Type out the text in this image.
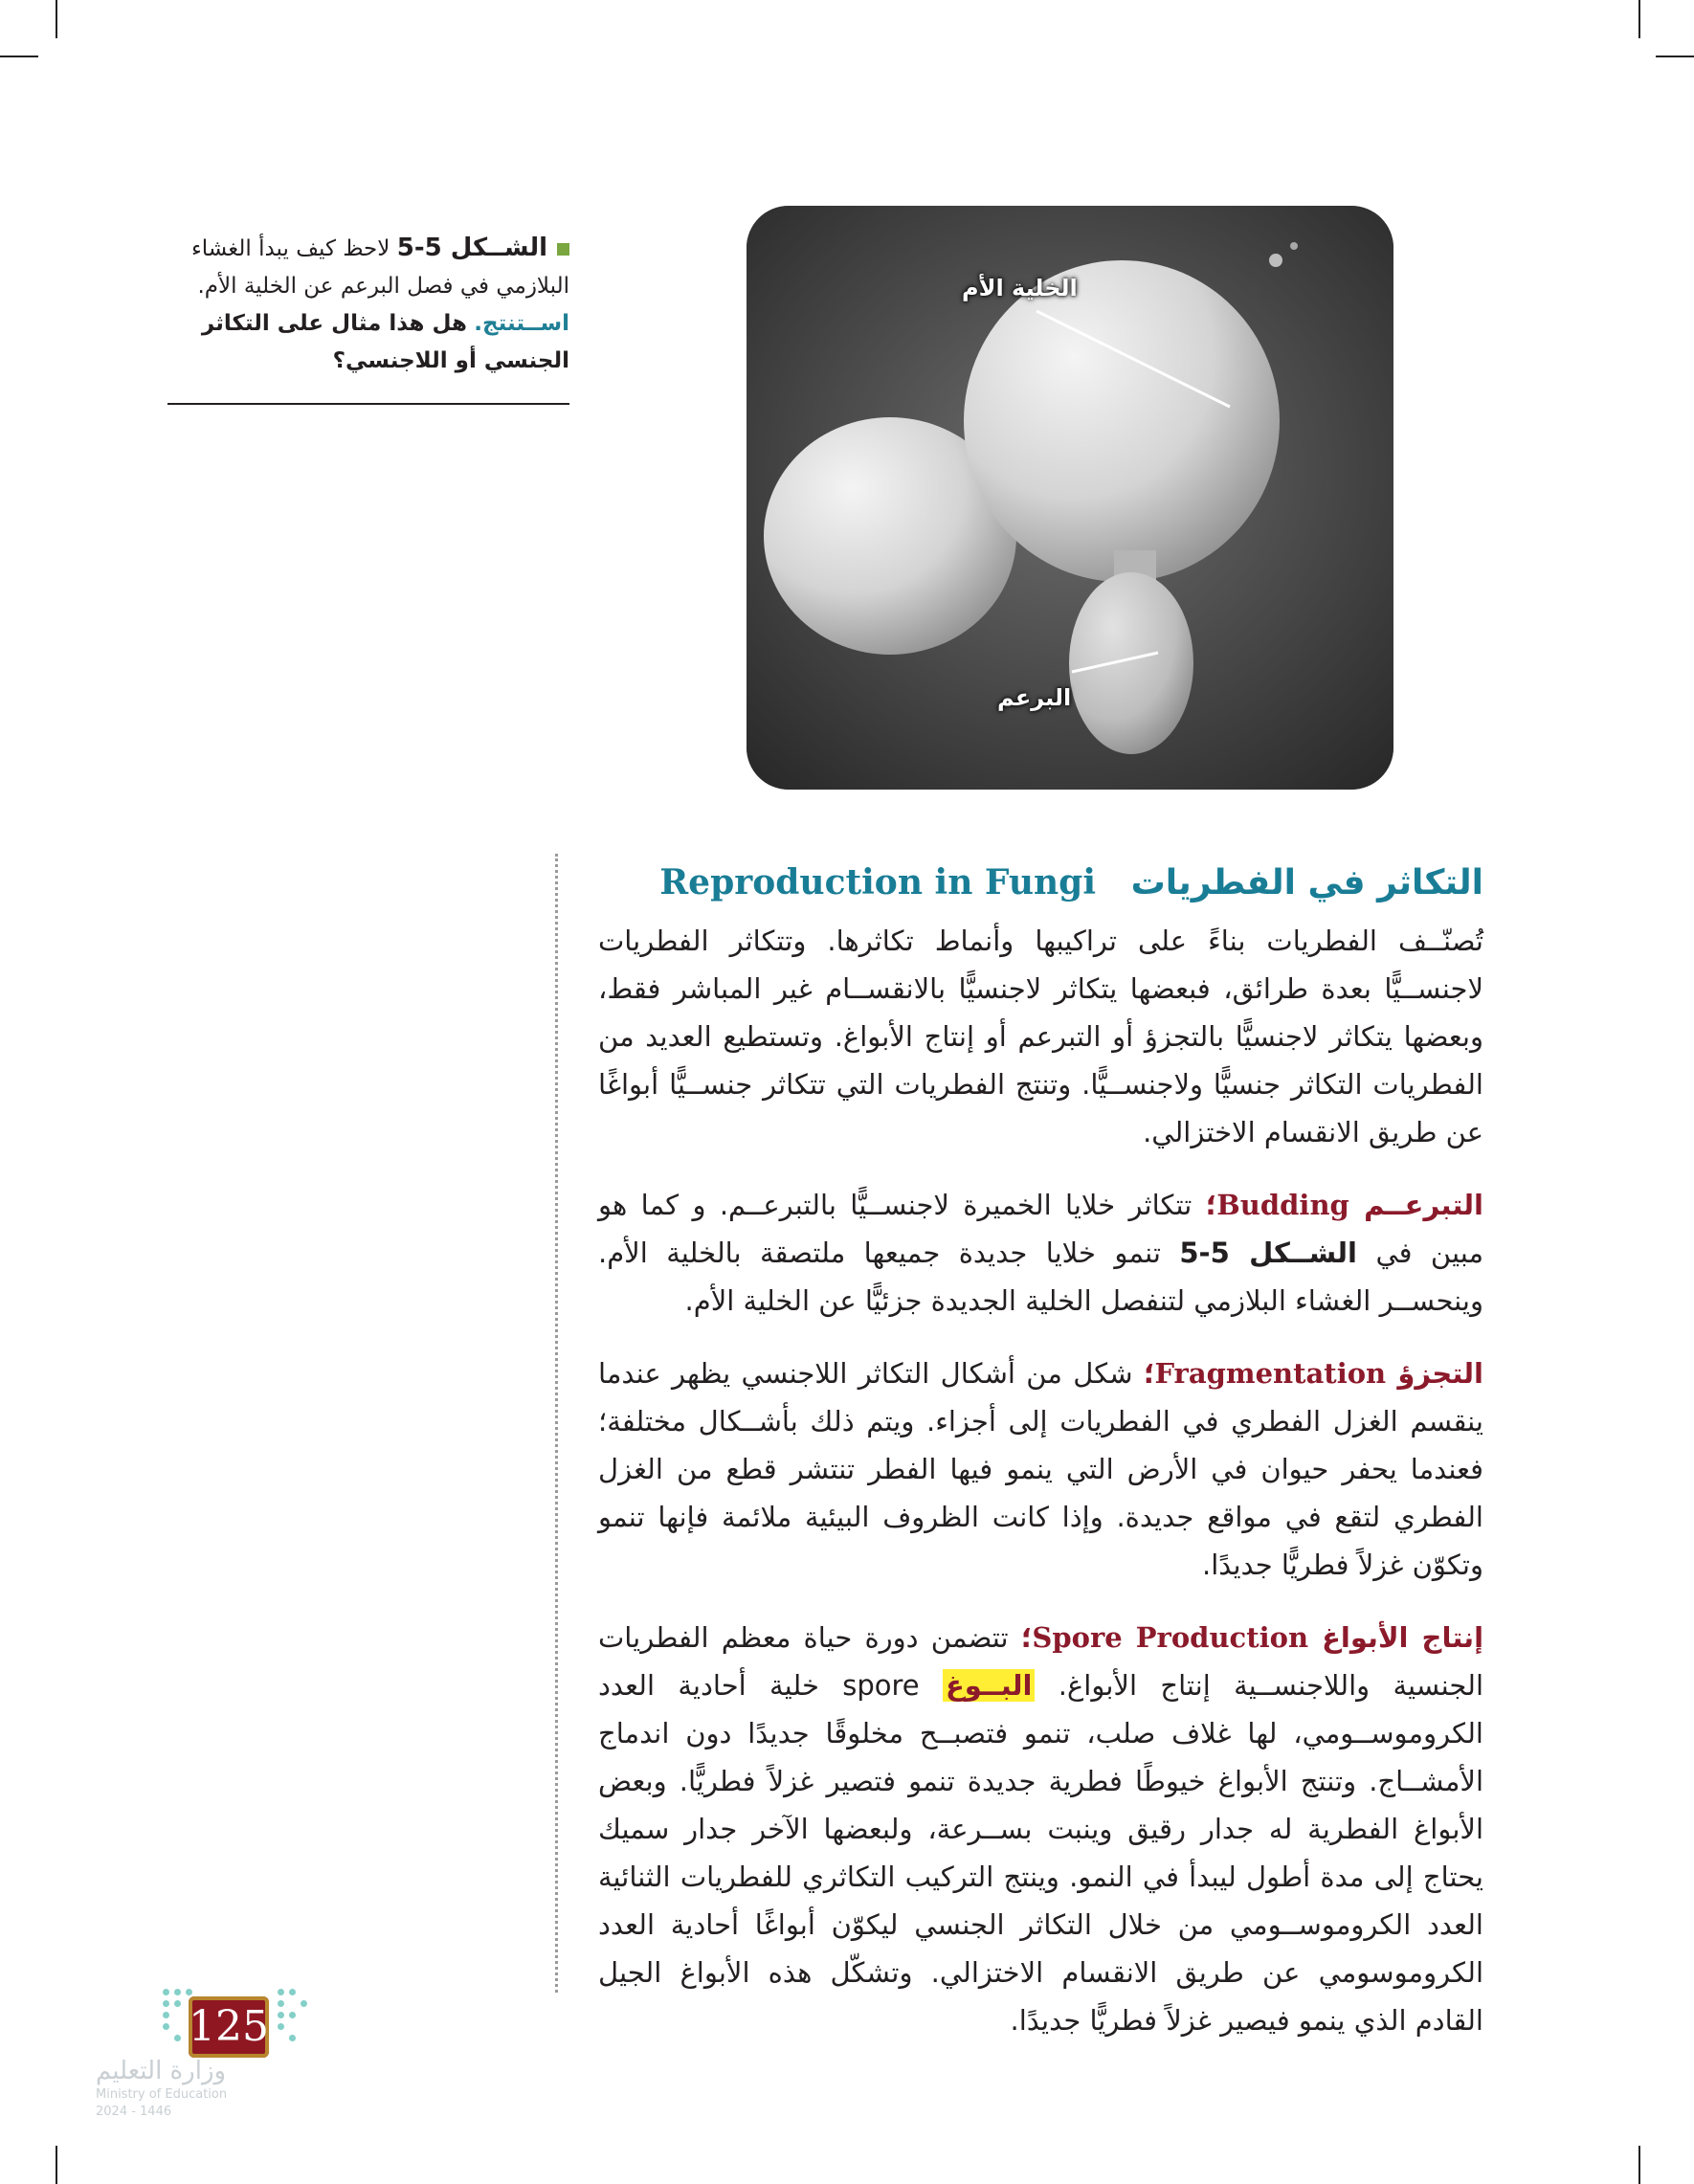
الخلية الأم
البرعم
الشــكل 5-5 لاحظ كيف يبدأ الغشاء البلازمي في فصل البرعم عن الخلية الأم. اســتنتج. هل هذا مثال على التكاثر الجنسي أو اللاجنسي؟
التكاثر في الفطريات Reproduction in Fungi

تُصنّــف الفطريات بناءً على تراكيبها وأنماط تكاثرها. وتتكاثر الفطريات لاجنســيًّا بعدة طرائق، فبعضها يتكاثر لاجنسيًّا بالانقســام غير المباشر فقط، وبعضها يتكاثر لاجنسيًّا بالتجزؤ أو التبرعم أو إنتاج الأبواغ. وتستطيع العديد من الفطريات التكاثر جنسيًّا ولاجنســيًّا. وتنتج الفطريات التي تتكاثر جنســيًّا أبواغًا عن طريق الانقسام الاختزالي.

التبرعــم Budding؛ تتكاثر خلايا الخميرة لاجنســيًّا بالتبرعــم. و كما هو مبين في الشــكل 5-5 تنمو خلايا جديدة جميعها ملتصقة بالخلية الأم. وينحســر الغشاء البلازمي لتنفصل الخلية الجديدة جزئيًّا عن الخلية الأم.

التجزؤ Fragmentation؛ شكل من أشكال التكاثر اللاجنسي يظهر عندما ينقسم الغزل الفطري في الفطريات إلى أجزاء. ويتم ذلك بأشــكال مختلفة؛ فعندما يحفر حيوان في الأرض التي ينمو فيها الفطر تنتشر قطع من الغزل الفطري لتقع في مواقع جديدة. وإذا كانت الظروف البيئية ملائمة فإنها تنمو وتكوّن غزلاً فطريًّا جديدًا.

إنتاج الأبواغ Spore Production؛ تتضمن دورة حياة معظم الفطريات الجنسية واللاجنســية إنتاج الأبواغ. البــوغ spore خلية أحادية العدد الكروموســومي، لها غلاف صلب، تنمو فتصبــح مخلوقًا جديدًا دون اندماج الأمشــاج. وتنتج الأبواغ خيوطًا فطرية جديدة تنمو فتصير غزلاً فطريًّا. وبعض الأبواغ الفطرية له جدار رقيق وينبت بســرعة، ولبعضها الآخر جدار سميك يحتاج إلى مدة أطول ليبدأ في النمو. وينتج التركيب التكاثري للفطريات الثنائية العدد الكروموســومي من خلال التكاثر الجنسي ليكوّن أبواغًا أحادية العدد الكروموسومي عن طريق الانقسام الاختزالي. وتشكّل هذه الأبواغ الجيل القادم الذي ينمو فيصير غزلاً فطريًّا جديدًا.

125
وزارة التعليم
Ministry of Education
2024 - 1446
